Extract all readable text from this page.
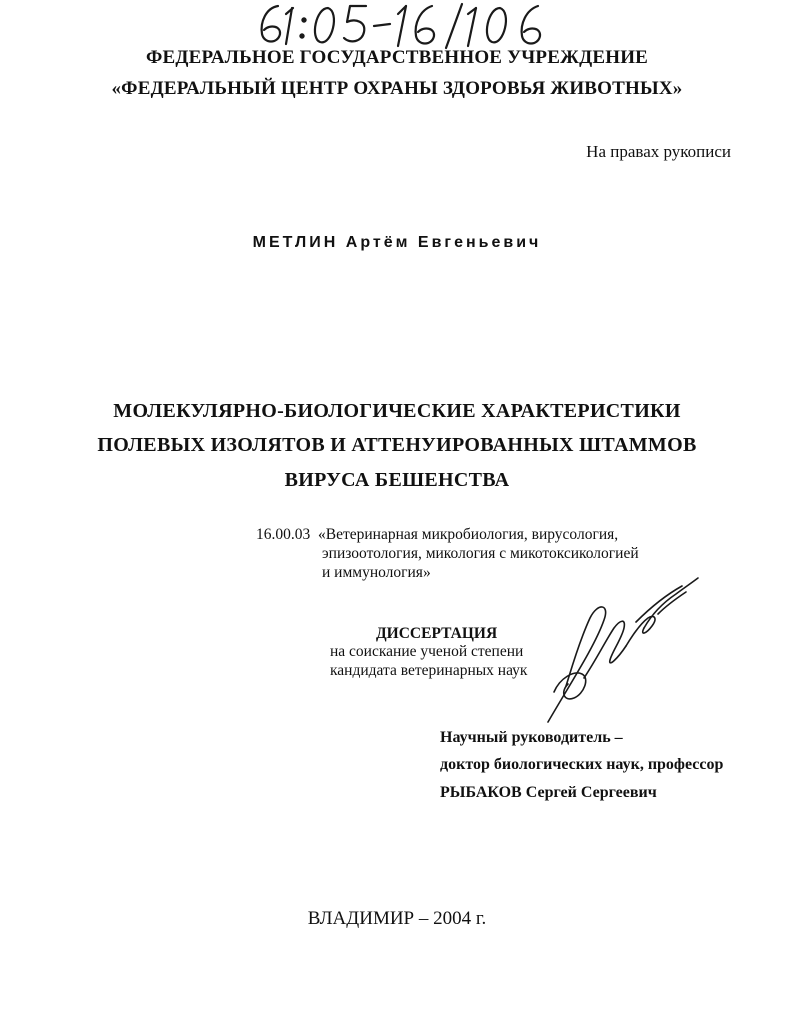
ФЕДЕРАЛЬНОЕ ГОСУДАРСТВЕННОЕ УЧРЕЖДЕНИЕ
«ФЕДЕРАЛЬНЫЙ ЦЕНТР ОХРАНЫ ЗДОРОВЬЯ ЖИВОТНЫХ»
На правах рукописи
МЕТЛИН Артём Евгеньевич
МОЛЕКУЛЯРНО-БИОЛОГИЧЕСКИЕ ХАРАКТЕРИСТИКИ
ПОЛЕВЫХ ИЗОЛЯТОВ И АТТЕНУИРОВАННЫХ ШТАММОВ
ВИРУСА БЕШЕНСТВА
16.00.03 «Ветеринарная микробиология, вирусология,
эпизоотология, микология с микотоксикологией
и иммунология»
ДИССЕРТАЦИЯ
на соискание ученой степени
кандидата ветеринарных наук
Научный руководитель –
доктор биологических наук, профессор
РЫБАКОВ Сергей Сергеевич
ВЛАДИМИР – 2004 г.
